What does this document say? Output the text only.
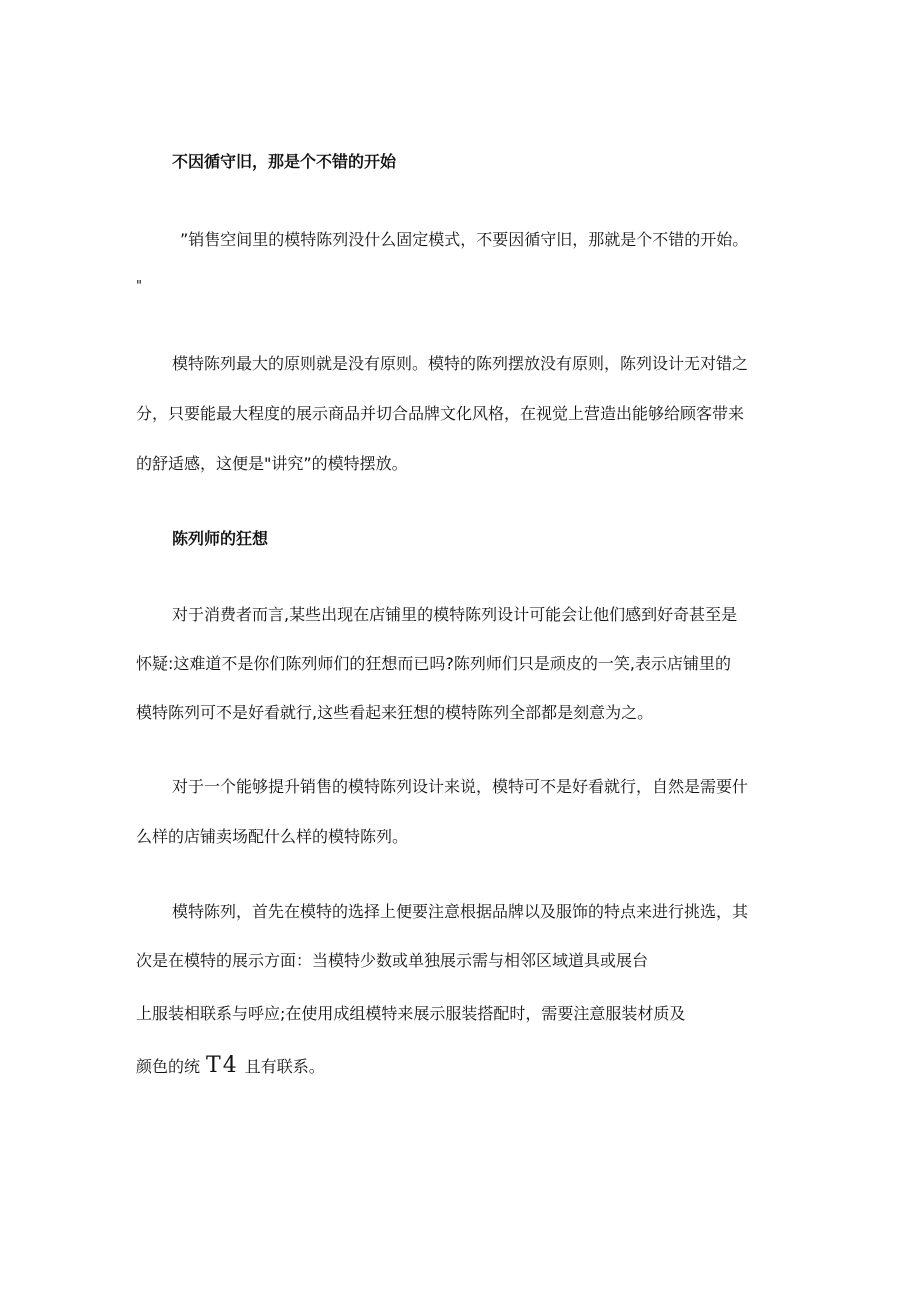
不因循守旧，那是个不错的开始
”销售空间里的模特陈列没什么固定模式，不要因循守旧，那就是个不错的开始。
"
模特陈列最大的原则就是没有原则。模特的陈列摆放没有原则，陈列设计无对错之
分，只要能最大程度的展示商品并切合品牌文化风格，在视觉上营造出能够给顾客带来
的舒适感，这便是"讲究”的模特摆放。
陈列师的狂想
对于消费者而言,某些出现在店铺里的模特陈列设计可能会让他们感到好奇甚至是
怀疑:这难道不是你们陈列师们的狂想而已吗?陈列师们只是顽皮的一笑,表示店铺里的
模特陈列可不是好看就行,这些看起来狂想的模特陈列全部都是刻意为之。
对于一个能够提升销售的模特陈列设计来说，模特可不是好看就行，自然是需要什
么样的店铺卖场配什么样的模特陈列。
模特陈列，首先在模特的选择上便要注意根据品牌以及服饰的特点来进行挑选，其
次是在模特的展示方面：当模特少数或单独展示需与相邻区域道具或展台
上服装相联系与呼应;在使用成组模特来展示服装搭配时，需要注意服装材质及
颜色的统 T4 且有联系。
